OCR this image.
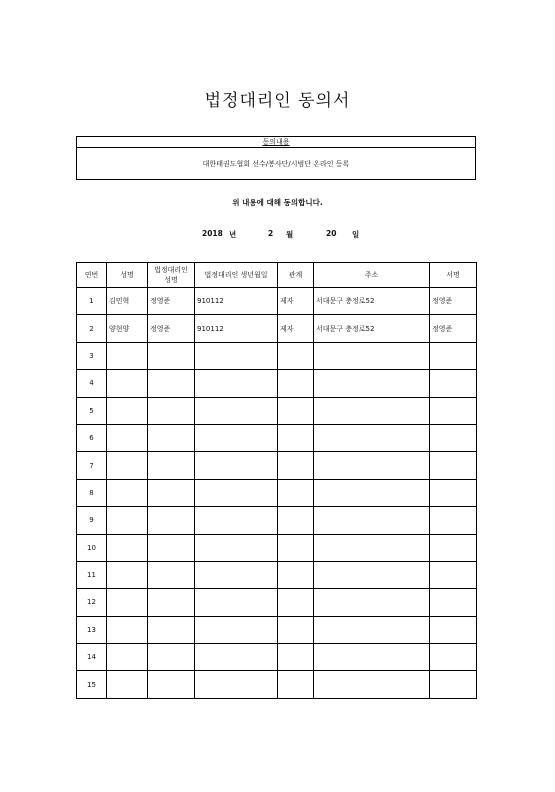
법정대리인 동의서
동의내용
대한태권도협회 선수/봉사단/시범단 온라인 등록
위 내용에 대해 동의합니다.
2018 년	2 월	20 일
연번	성명	법정대리인 성명	법정대리인 생년월일	관계	주소	서명
1	김민혁	정영준	910112	제자	서대문구 충정로52	정영준
2	양현양	정영준	910112	제자	서대문구 충정로52	정영준
3						
4						
5						
6						
7						
8						
9						
10						
11						
12						
13						
14						
15						
